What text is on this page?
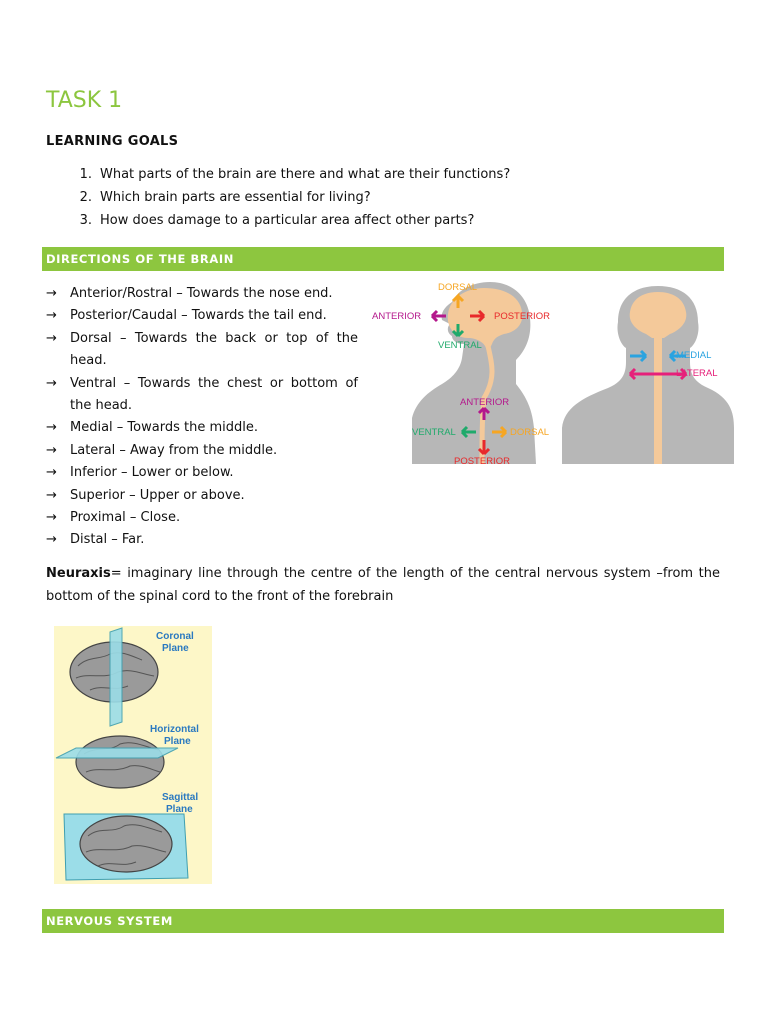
TASK 1
LEARNING GOALS
1. What parts of the brain are there and what are their functions?
2. Which brain parts are essential for living?
3. How does damage to a particular area affect other parts?
DIRECTIONS OF THE BRAIN
→	Anterior/Rostral – Towards the nose end.
→	Posterior/Caudal – Towards the tail end.
→	Dorsal – Towards the back or top of the head.
→	Ventral – Towards the chest or bottom of the head.
→	Medial – Towards the middle.
→	Lateral – Away from the middle.
→	Inferior – Lower or below.
→	Superior – Upper or above.
→	Proximal – Close.
→	Distal – Far.
DORSAL
ANTERIOR	POSTERIOR
VENTRAL
ANTERIOR
VENTRAL	DORSAL
POSTERIOR
MEDIAL
LATERAL

Neuraxis= imaginary line through the centre of the length of the central nervous system –from the bottom of the spinal cord to the front of the forebrain

Coronal
Plane
Horizontal
Plane
Sagittal
Plane
NERVOUS SYSTEM
